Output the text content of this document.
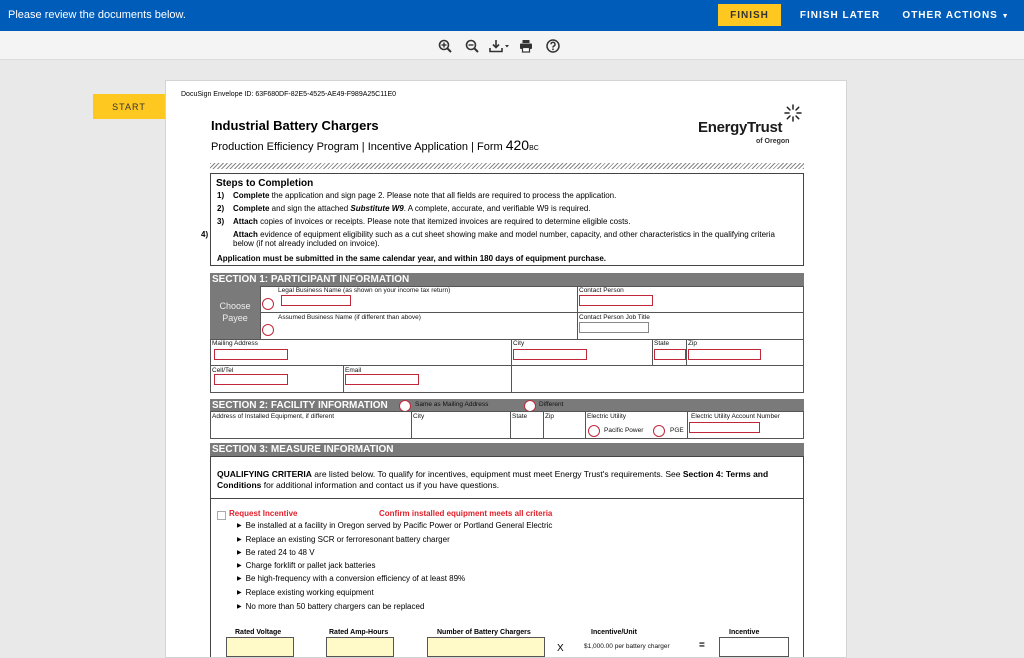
Please review the documents below.	FINISH	FINISH LATER	OTHER ACTIONS ▼
START
DocuSign Envelope ID: 63F680DF-82E5-4525-AE49-F989A25C11E0
Industrial Battery Chargers
Production Efficiency Program | Incentive Application | Form 420BC
EnergyTrust
of Oregon
Steps to Completion
1) Complete the application and sign page 2. Please note that all fields are required to process the application.
2) Complete and sign the attached Substitute W9. A complete, accurate, and verifiable W9 is required.
3) Attach copies of invoices or receipts. Please note that itemized invoices are required to determine eligible costs.
4)	Attach evidence of equipment eligibility such as a cut sheet showing make and model number, capacity, and other characteristics in the qualifying criteria below (if not already included on invoice).
Application must be submitted in the same calendar year, and within 180 days of equipment purchase.
SECTION 1: PARTICIPANT INFORMATION
Choose Payee
Legal Business Name (as shown on your income tax return)	Contact Person
Assumed Business Name (if different than above)	Contact Person Job Title
Mailing Address	City	State	Zip
Cell/Tel	Email
SECTION 2: FACILITY INFORMATION	Same as Mailing Address	Different
Address of Installed Equipment, if different	City	State	Zip	Electric Utility
Pacific Power	PGE
Electric Utility Account Number
SECTION 3: MEASURE INFORMATION
QUALIFYING CRITERIA are listed below. To qualify for incentives, equipment must meet Energy Trust's requirements. See Section 4: Terms and Conditions for additional information and contact us if you have questions.
Request Incentive	Confirm installed equipment meets all criteria
▶ Be installed at a facility in Oregon served by Pacific Power or Portland General Electric
▶ Replace an existing SCR or ferroresonant battery charger
▶ Be rated 24 to 48 V
▶ Charge forklift or pallet jack batteries
▶ Be high-frequency with a conversion efficiency of at least 89%
▶ Replace existing working equipment
▶ No more than 50 battery chargers can be replaced
Rated Voltage	Rated Amp-Hours	Number of Battery Chargers	Incentive/Unit	Incentive
X	$1,000.00 per battery charger	=
